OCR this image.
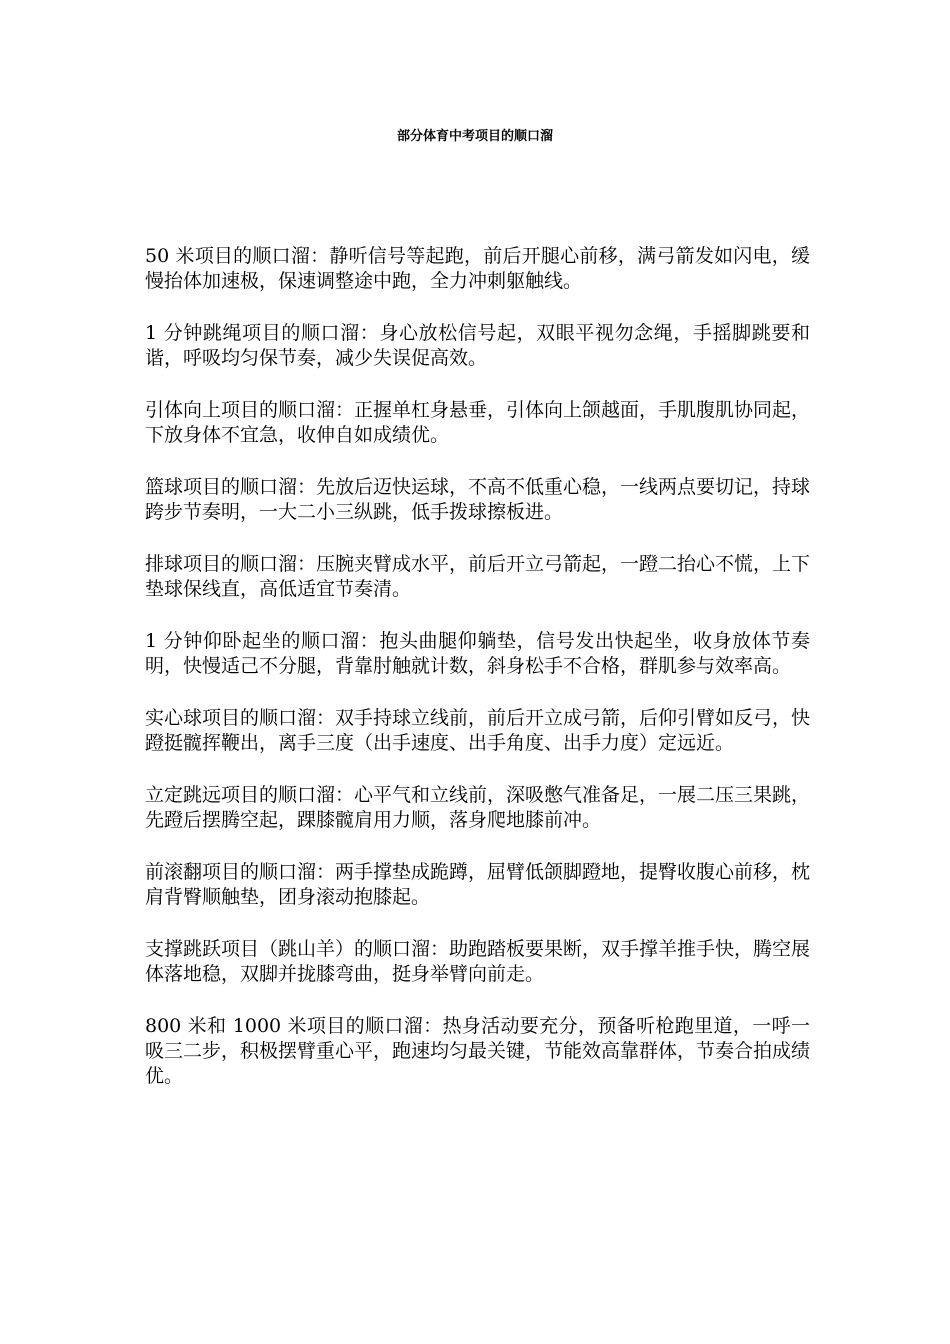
部分体育中考项目的顺口溜

50 米项目的顺口溜：静听信号等起跑，前后开腿心前移，满弓箭发如闪电，缓慢抬体加速极，保速调整途中跑，全力冲刺躯触线。

1 分钟跳绳项目的顺口溜：身心放松信号起，双眼平视勿念绳，手摇脚跳要和谐，呼吸均匀保节奏，减少失误促高效。

引体向上项目的顺口溜：正握单杠身悬垂，引体向上颌越面，手肌腹肌协同起，下放身体不宜急，收伸自如成绩优。

篮球项目的顺口溜：先放后迈快运球，不高不低重心稳，一线两点要切记，持球跨步节奏明，一大二小三纵跳，低手拨球擦板进。

排球项目的顺口溜：压腕夹臂成水平，前后开立弓箭起，一蹬二抬心不慌，上下垫球保线直，高低适宜节奏清。

1 分钟仰卧起坐的顺口溜：抱头曲腿仰躺垫，信号发出快起坐，收身放体节奏明，快慢适己不分腿，背靠肘触就计数，斜身松手不合格，群肌参与效率高。

实心球项目的顺口溜：双手持球立线前，前后开立成弓箭，后仰引臂如反弓，快蹬挺髋挥鞭出，离手三度（出手速度、出手角度、出手力度）定远近。

立定跳远项目的顺口溜：心平气和立线前，深吸憋气准备足，一展二压三果跳，先蹬后摆腾空起，踝膝髋肩用力顺，落身爬地膝前冲。

前滚翻项目的顺口溜：两手撑垫成跪蹲，屈臂低颌脚蹬地，提臀收腹心前移，枕肩背臀顺触垫，团身滚动抱膝起。

支撑跳跃项目（跳山羊）的顺口溜：助跑踏板要果断，双手撑羊推手快，腾空展体落地稳，双脚并拢膝弯曲，挺身举臂向前走。

800 米和 1000 米项目的顺口溜：热身活动要充分，预备听枪跑里道，一呼一吸三二步，积极摆臂重心平，跑速均匀最关键，节能效高靠群体，节奏合拍成绩优。
